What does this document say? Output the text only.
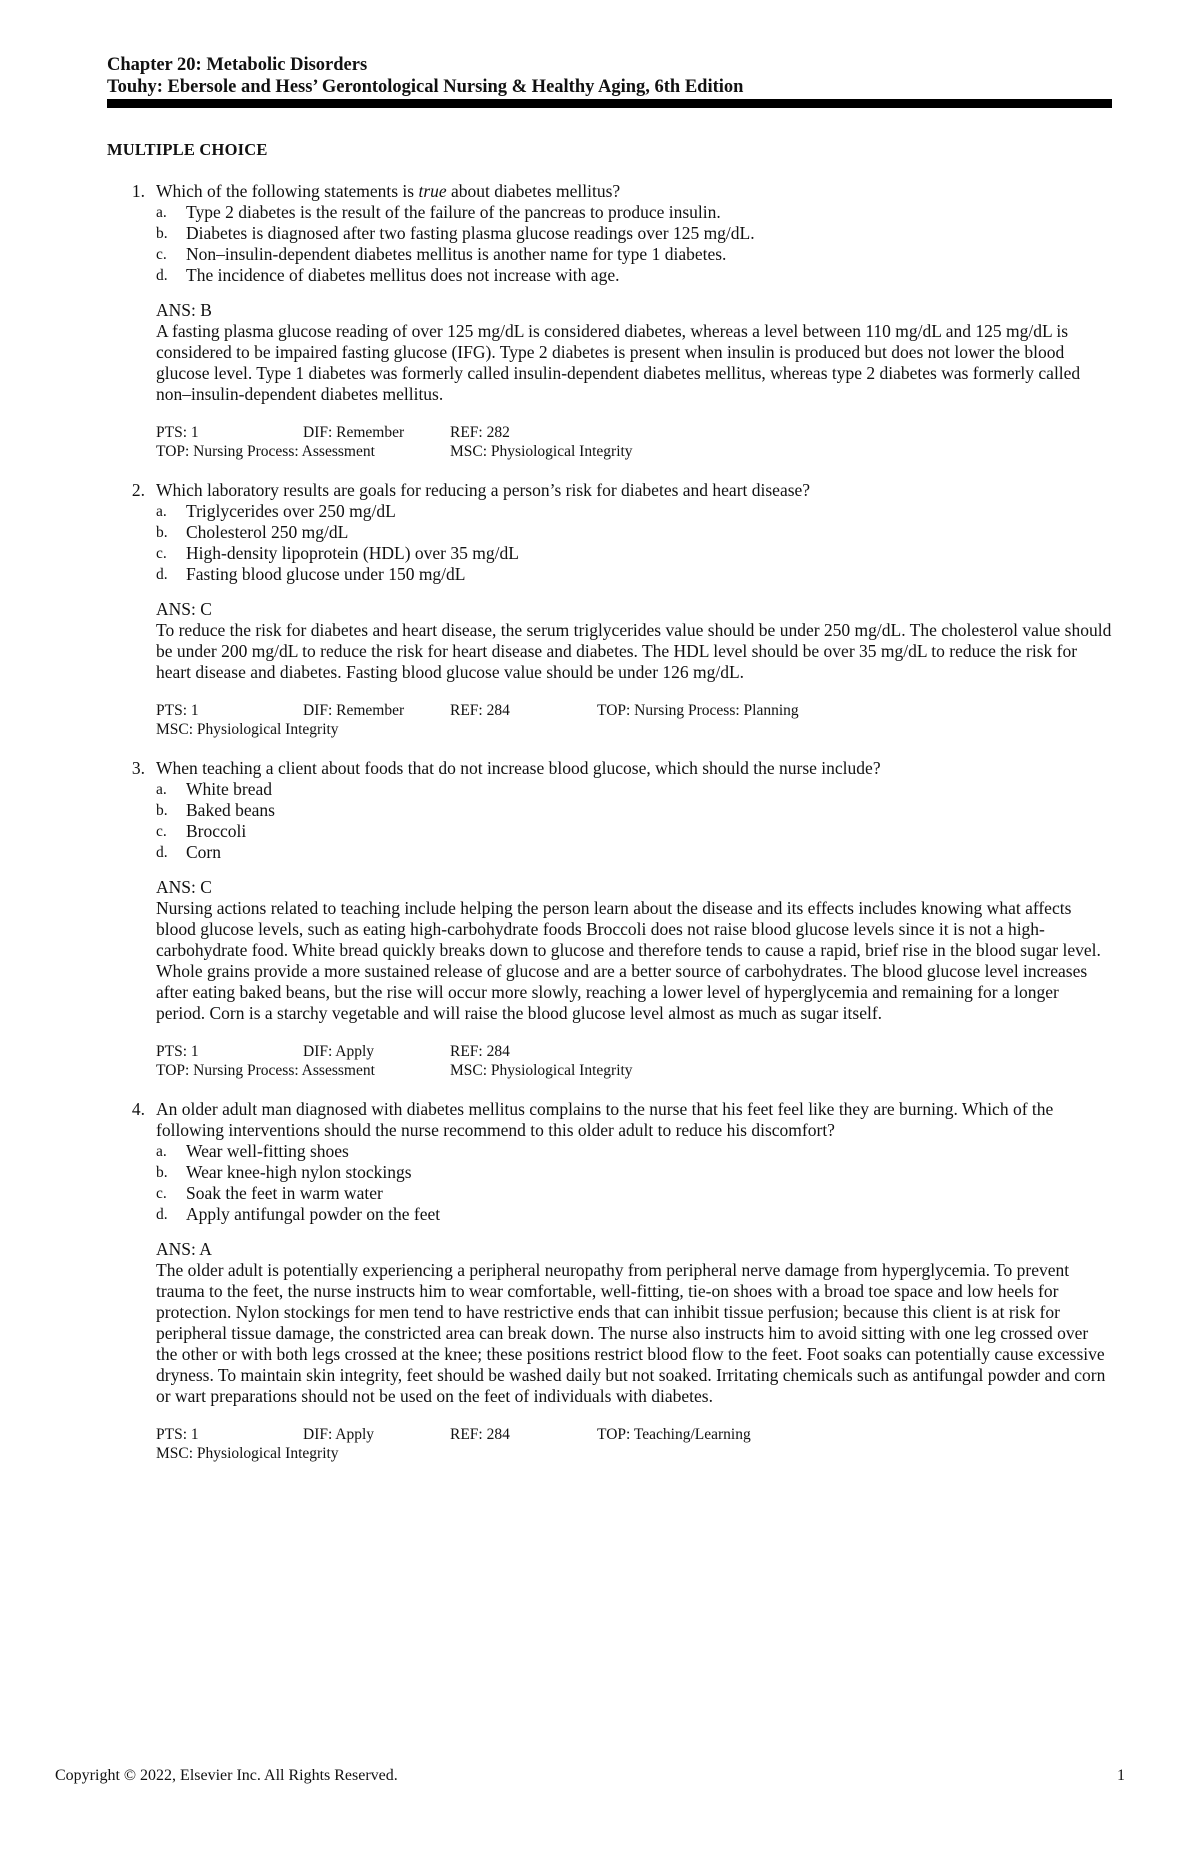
Chapter 20: Metabolic Disorders
Touhy: Ebersole and Hess’ Gerontological Nursing & Healthy Aging, 6th Edition
MULTIPLE CHOICE
1. Which of the following statements is true about diabetes mellitus?
a.	Type 2 diabetes is the result of the failure of the pancreas to produce insulin.
b.	Diabetes is diagnosed after two fasting plasma glucose readings over 125 mg/dL.
c.	Non–insulin-dependent diabetes mellitus is another name for type 1 diabetes.
d.	The incidence of diabetes mellitus does not increase with age.
ANS: B
A fasting plasma glucose reading of over 125 mg/dL is considered diabetes, whereas a level between 110 mg/dL and 125 mg/dL is considered to be impaired fasting glucose (IFG). Type 2 diabetes is present when insulin is produced but does not lower the blood glucose level. Type 1 diabetes was formerly called insulin-dependent diabetes mellitus, whereas type 2 diabetes was formerly called non–insulin-dependent diabetes mellitus.
PTS: 1	DIF: Remember	REF: 282
TOP: Nursing Process: Assessment	MSC: Physiological Integrity
2. Which laboratory results are goals for reducing a person’s risk for diabetes and heart disease?
a.	Triglycerides over 250 mg/dL
b.	Cholesterol 250 mg/dL
c.	High-density lipoprotein (HDL) over 35 mg/dL
d.	Fasting blood glucose under 150 mg/dL
ANS: C
To reduce the risk for diabetes and heart disease, the serum triglycerides value should be under 250 mg/dL. The cholesterol value should be under 200 mg/dL to reduce the risk for heart disease and diabetes. The HDL level should be over 35 mg/dL to reduce the risk for heart disease and diabetes. Fasting blood glucose value should be under 126 mg/dL.
PTS: 1	DIF: Remember	REF: 284	TOP: Nursing Process: Planning
MSC: Physiological Integrity
3. When teaching a client about foods that do not increase blood glucose, which should the nurse include?
a.	White bread
b.	Baked beans
c.	Broccoli
d.	Corn
ANS: C
Nursing actions related to teaching include helping the person learn about the disease and its effects includes knowing what affects blood glucose levels, such as eating high-carbohydrate foods Broccoli does not raise blood glucose levels since it is not a high-carbohydrate food. White bread quickly breaks down to glucose and therefore tends to cause a rapid, brief rise in the blood sugar level. Whole grains provide a more sustained release of glucose and are a better source of carbohydrates. The blood glucose level increases after eating baked beans, but the rise will occur more slowly, reaching a lower level of hyperglycemia and remaining for a longer period. Corn is a starchy vegetable and will raise the blood glucose level almost as much as sugar itself.
PTS: 1	DIF: Apply	REF: 284
TOP: Nursing Process: Assessment	MSC: Physiological Integrity
4. An older adult man diagnosed with diabetes mellitus complains to the nurse that his feet feel like they are burning. Which of the following interventions should the nurse recommend to this older adult to reduce his discomfort?
a.	Wear well-fitting shoes
b.	Wear knee-high nylon stockings
c.	Soak the feet in warm water
d.	Apply antifungal powder on the feet
ANS: A
The older adult is potentially experiencing a peripheral neuropathy from peripheral nerve damage from hyperglycemia. To prevent trauma to the feet, the nurse instructs him to wear comfortable, well-fitting, tie-on shoes with a broad toe space and low heels for protection. Nylon stockings for men tend to have restrictive ends that can inhibit tissue perfusion; because this client is at risk for peripheral tissue damage, the constricted area can break down. The nurse also instructs him to avoid sitting with one leg crossed over the other or with both legs crossed at the knee; these positions restrict blood flow to the feet. Foot soaks can potentially cause excessive dryness. To maintain skin integrity, feet should be washed daily but not soaked. Irritating chemicals such as antifungal powder and corn or wart preparations should not be used on the feet of individuals with diabetes.
PTS: 1	DIF: Apply	REF: 284	TOP: Teaching/Learning
MSC: Physiological Integrity
Copyright © 2022, Elsevier Inc. All Rights Reserved.	1
